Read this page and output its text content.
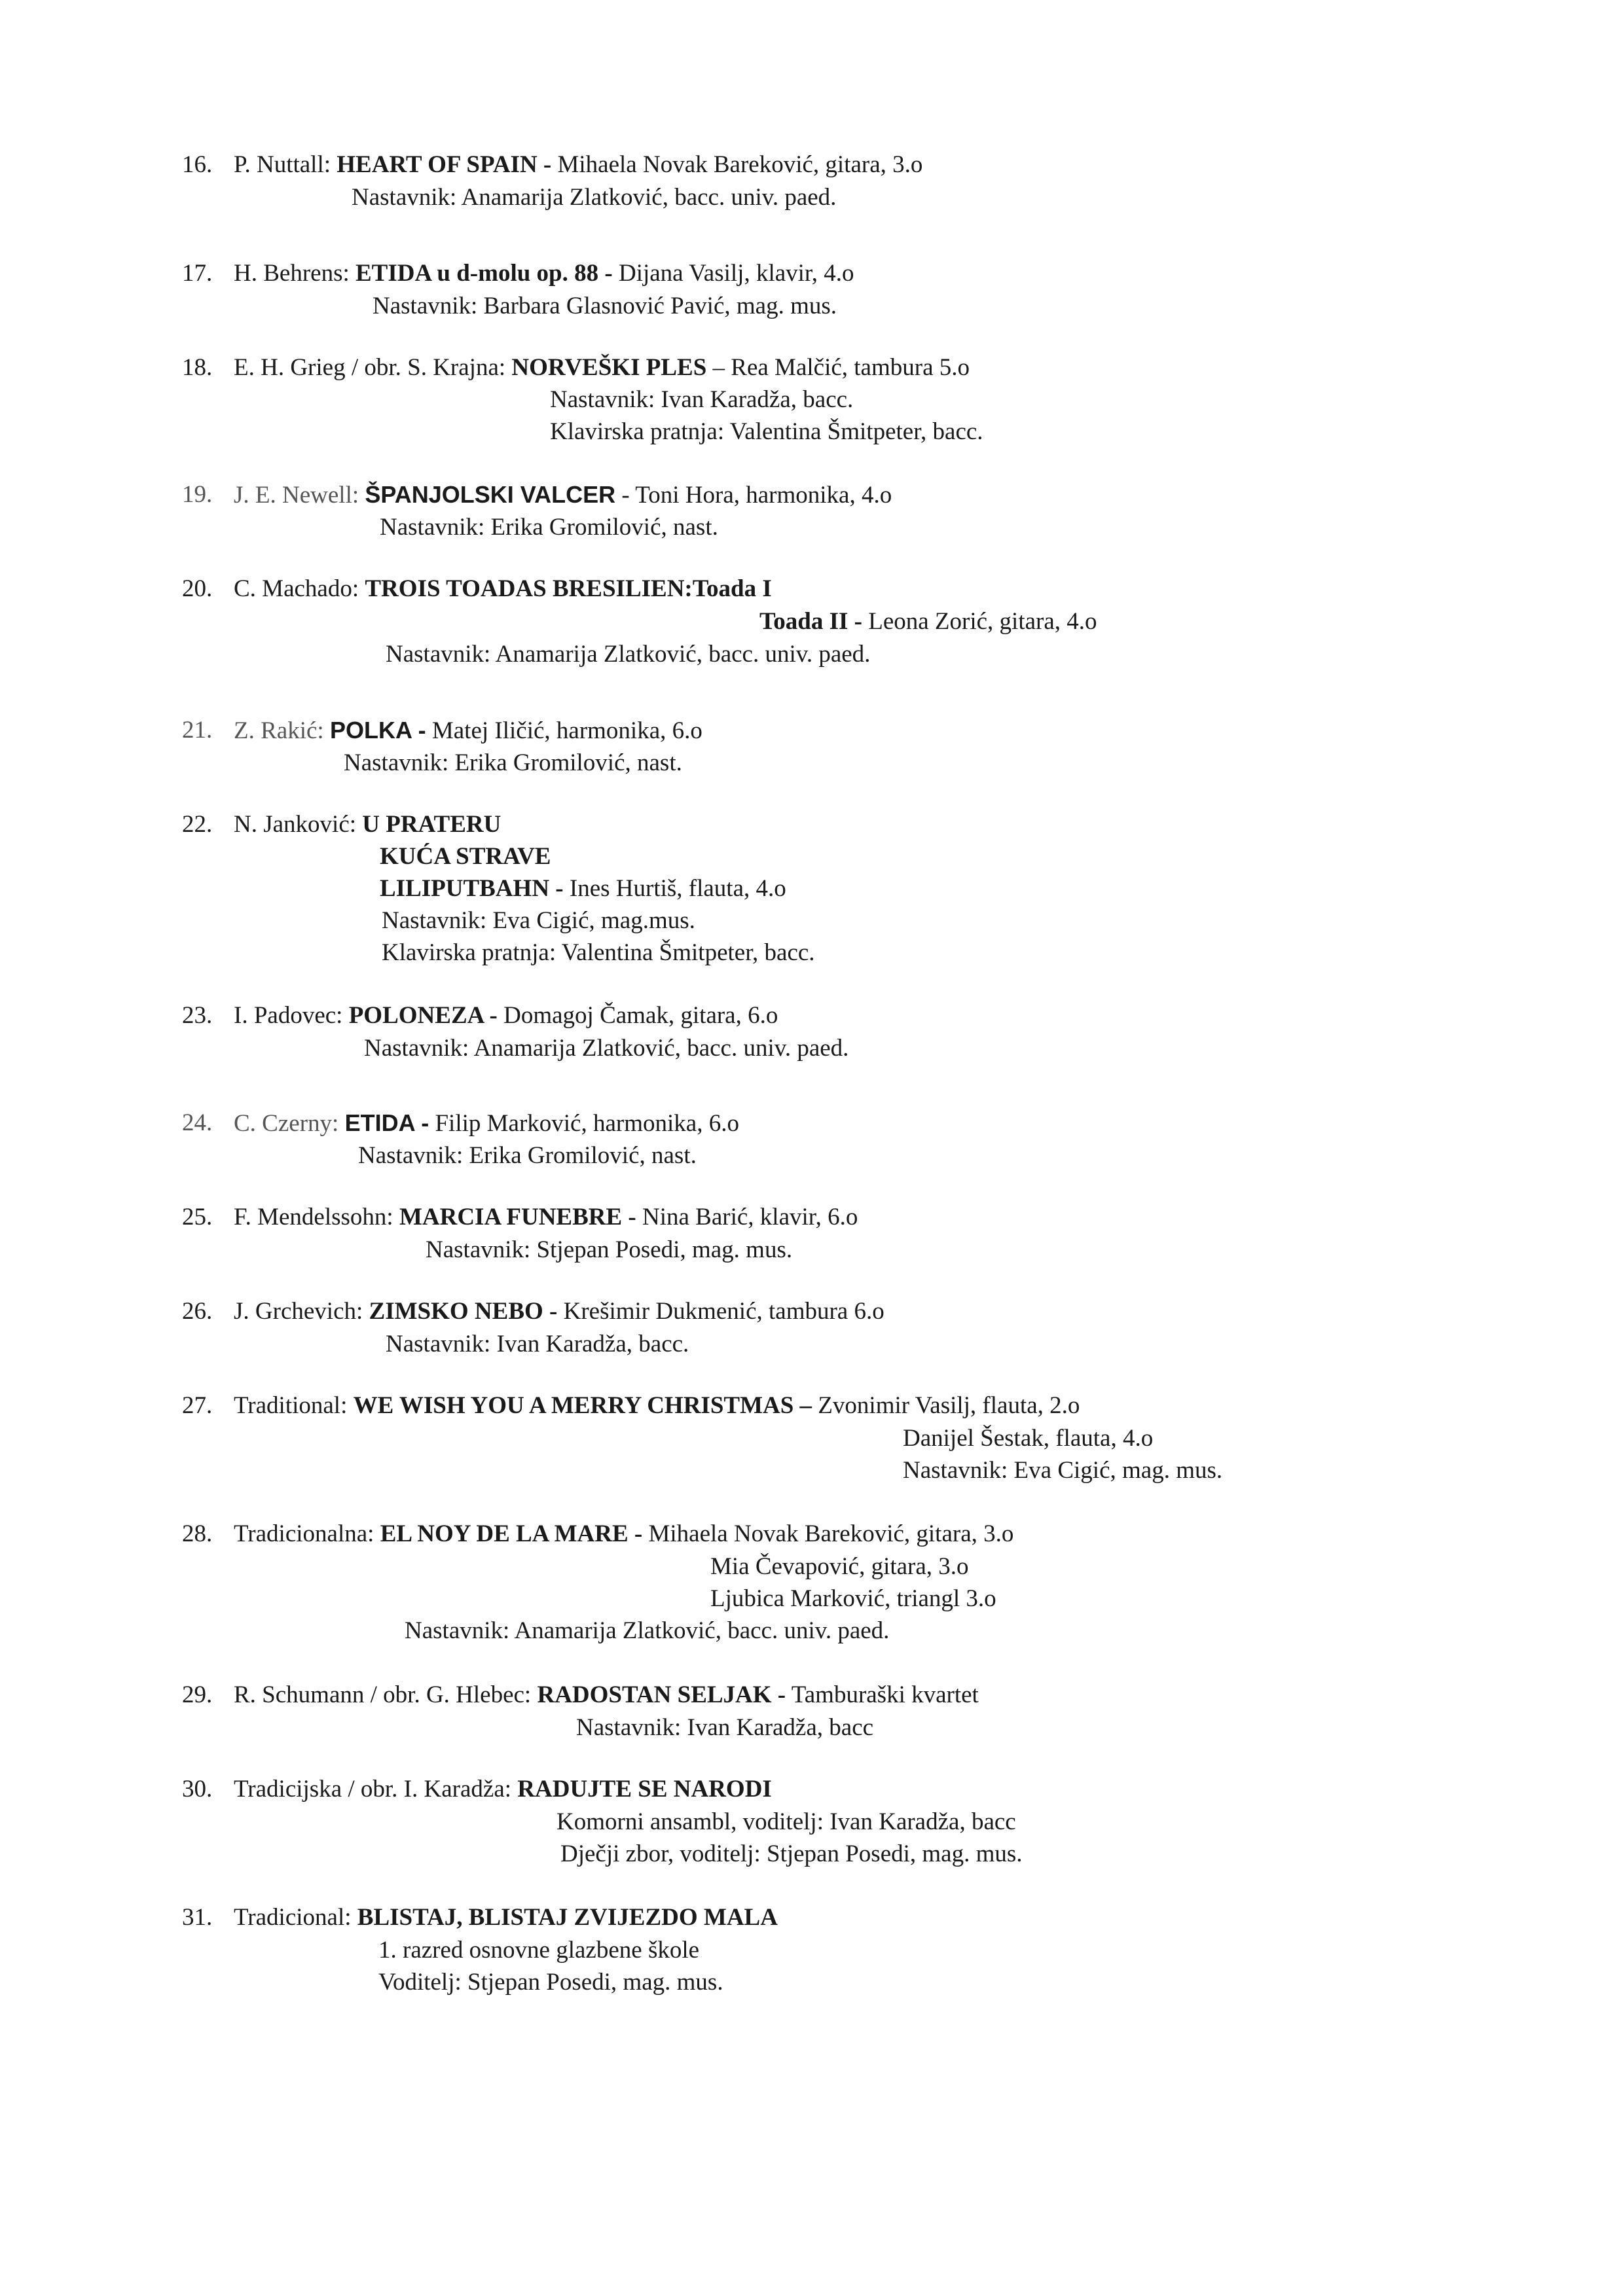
16. P. Nuttall: HEART OF SPAIN - Mihaela Novak Bareković, gitara, 3.o
Nastavnik: Anamarija Zlatković, bacc. univ. paed.
17. H. Behrens: ETIDA u d-molu op. 88 - Dijana Vasilj, klavir, 4.o
Nastavnik: Barbara Glasnović Pavić, mag. mus.
18. E. H. Grieg / obr. S. Krajna: NORVEŠKI PLES – Rea Malčić, tambura 5.o
Nastavnik: Ivan Karadža, bacc.
Klavirska pratnja: Valentina Šmitpeter, bacc.
19. J. E. Newell: ŠPANJOLSKI VALCER - Toni Hora, harmonika, 4.o
Nastavnik: Erika Gromilović, nast.
20. C. Machado: TROIS TOADAS BRESILIEN:Toada I
Toada II - Leona Zorić, gitara, 4.o
Nastavnik: Anamarija Zlatković, bacc. univ. paed.
21. Z. Rakić: POLKA - Matej Iličić, harmonika, 6.o
Nastavnik: Erika Gromilović, nast.
22. N. Janković: U PRATERU
KUĆA STRAVE
LILIPUTBAHN - Ines Hurtiš, flauta, 4.o
Nastavnik: Eva Cigić, mag.mus.
Klavirska pratnja: Valentina Šmitpeter, bacc.
23. I. Padovec: POLONEZA - Domagoj Čamak, gitara, 6.o
Nastavnik: Anamarija Zlatković, bacc. univ. paed.
24. C. Czerny: ETIDA - Filip Marković, harmonika, 6.o
Nastavnik: Erika Gromilović, nast.
25. F. Mendelssohn: MARCIA FUNEBRE - Nina Barić, klavir, 6.o
Nastavnik: Stjepan Posedi, mag. mus.
26. J. Grchevich: ZIMSKO NEBO - Krešimir Dukmenić, tambura 6.o
Nastavnik: Ivan Karadža, bacc.
27. Traditional: WE WISH YOU A MERRY CHRISTMAS – Zvonimir Vasilj, flauta, 2.o
Danijel Šestak, flauta, 4.o
Nastavnik: Eva Cigić, mag. mus.
28. Tradicionalna: EL NOY DE LA MARE - Mihaela Novak Bareković, gitara, 3.o
Mia Čevapović, gitara, 3.o
Ljubica Marković, triangl 3.o
Nastavnik: Anamarija Zlatković, bacc. univ. paed.
29. R. Schumann / obr. G. Hlebec: RADOSTAN SELJAK - Tamburaški kvartet
Nastavnik: Ivan Karadža, bacc
30. Tradicijska / obr. I. Karadža: RADUJTE SE NARODI
Komorni ansambl, voditelj: Ivan Karadža, bacc
Dječji zbor, voditelj: Stjepan Posedi, mag. mus.
31. Tradicional: BLISTAJ, BLISTAJ ZVIJEZDO MALA
1. razred osnovne glazbene škole
Voditelj: Stjepan Posedi, mag. mus.
